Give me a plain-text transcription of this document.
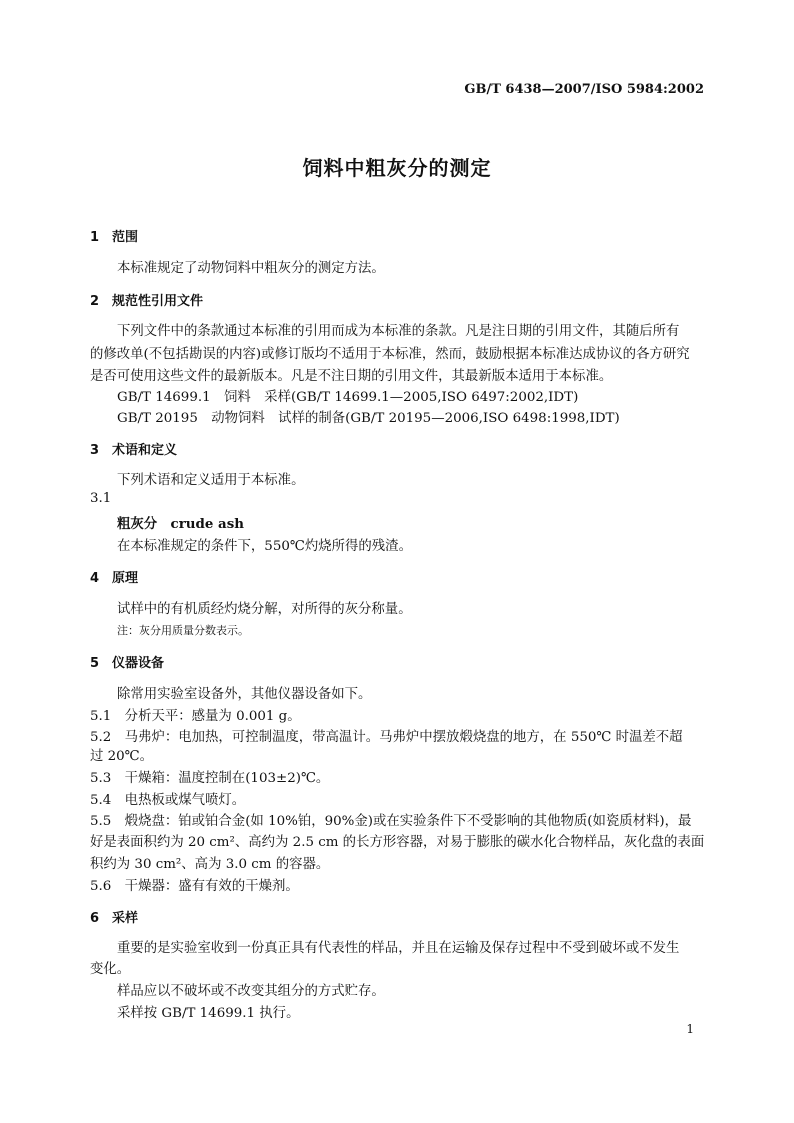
GB/T 6438—2007/ISO 5984:2002
饲料中粗灰分的测定
1 范围
本标准规定了动物饲料中粗灰分的测定方法。
2 规范性引用文件
下列文件中的条款通过本标准的引用而成为本标准的条款。凡是注日期的引用文件，其随后所有
的修改单(不包括勘误的内容)或修订版均不适用于本标准，然而，鼓励根据本标准达成协议的各方研究
是否可使用这些文件的最新版本。凡是不注日期的引用文件，其最新版本适用于本标准。
GB/T 14699.1　饲料　采样(GB/T 14699.1—2005,ISO 6497:2002,IDT)
GB/T 20195　动物饲料　试样的制备(GB/T 20195—2006,ISO 6498:1998,IDT)
3 术语和定义
下列术语和定义适用于本标准。
3.1
粗灰分　crude ash
在本标准规定的条件下，550℃灼烧所得的残渣。
4 原理
试样中的有机质经灼烧分解，对所得的灰分称量。
注：灰分用质量分数表示。
5 仪器设备
除常用实验室设备外，其他仪器设备如下。
5.1　分析天平：感量为 0.001 g。
5.2　马弗炉：电加热，可控制温度，带高温计。马弗炉中摆放煅烧盘的地方，在 550℃ 时温差不超
过 20℃。
5.3　干燥箱：温度控制在(103±2)℃。
5.4　电热板或煤气喷灯。
5.5　煅烧盘：铂或铂合金(如 10%铂，90%金)或在实验条件下不受影响的其他物质(如瓷质材料)，最
好是表面积约为 20 cm²、高约为 2.5 cm 的长方形容器，对易于膨胀的碳水化合物样品，灰化盘的表面
积约为 30 cm²、高为 3.0 cm 的容器。
5.6　干燥器：盛有有效的干燥剂。
6 采样
重要的是实验室收到一份真正具有代表性的样品，并且在运输及保存过程中不受到破坏或不发生
变化。
样品应以不破坏或不改变其组分的方式贮存。
采样按 GB/T 14699.1 执行。
1
